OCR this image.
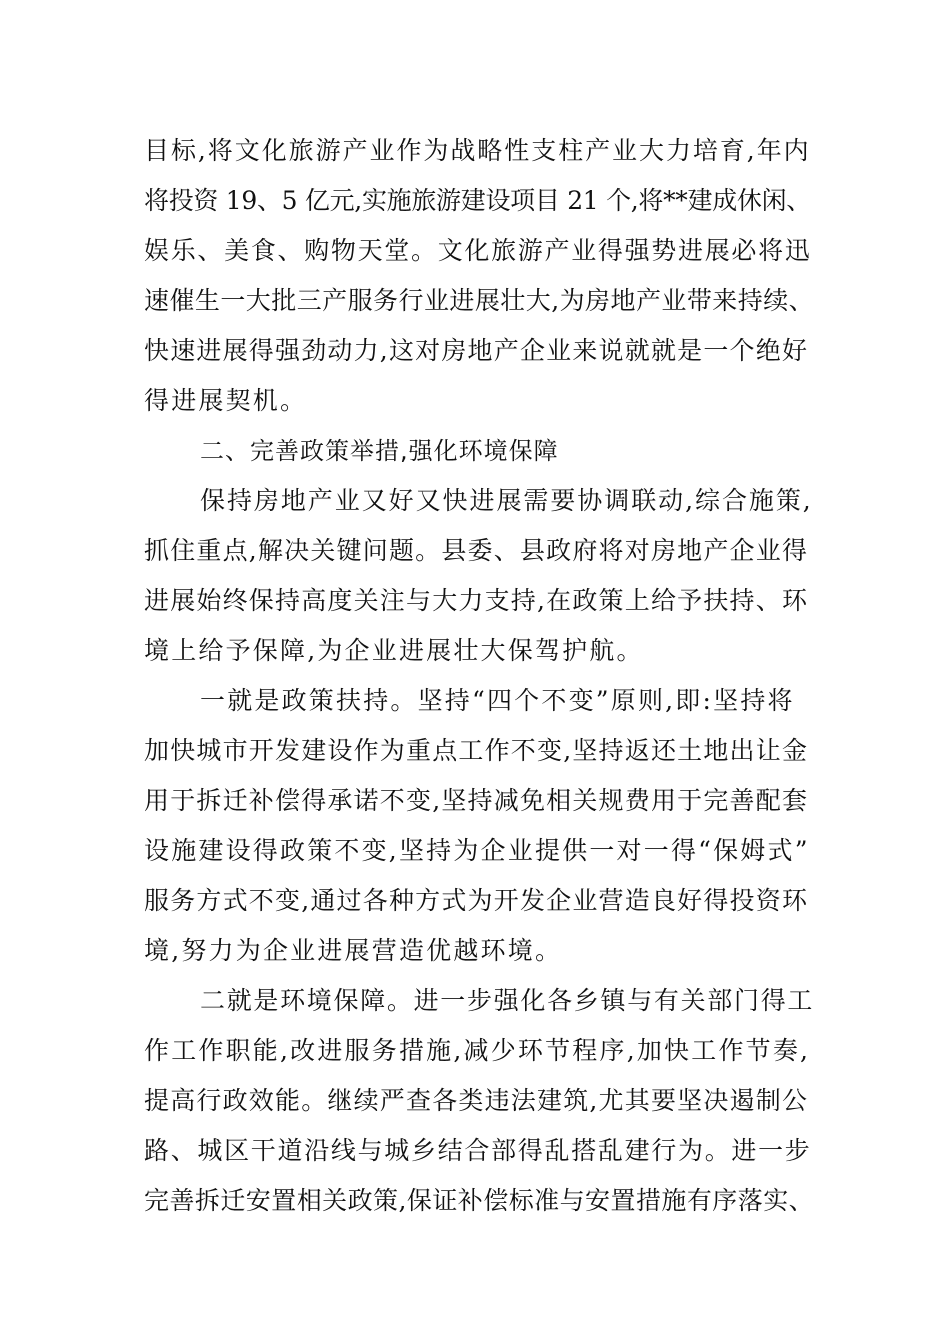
目标,将文化旅游产业作为战略性支柱产业大力培育,年内
将投资 19、5 亿元,实施旅游建设项目 21 个,将**建成休闲、
娱乐、美食、购物天堂。文化旅游产业得强势进展必将迅
速催生一大批三产服务行业进展壮大,为房地产业带来持续、
快速进展得强劲动力,这对房地产企业来说就就是一个绝好
得进展契机。
二、完善政策举措,强化环境保障
保持房地产业又好又快进展需要协调联动,综合施策,
抓住重点,解决关键问题。县委、县政府将对房地产企业得
进展始终保持高度关注与大力支持,在政策上给予扶持、环
境上给予保障,为企业进展壮大保驾护航。
一就是政策扶持。坚持“四个不变”原则,即:坚持将
加快城市开发建设作为重点工作不变,坚持返还土地出让金
用于拆迁补偿得承诺不变,坚持减免相关规费用于完善配套
设施建设得政策不变,坚持为企业提供一对一得“保姆式”
服务方式不变,通过各种方式为开发企业营造良好得投资环
境,努力为企业进展营造优越环境。
二就是环境保障。进一步强化各乡镇与有关部门得工
作工作职能,改进服务措施,减少环节程序,加快工作节奏,
提高行政效能。继续严查各类违法建筑,尤其要坚决遏制公
路、城区干道沿线与城乡结合部得乱搭乱建行为。进一步
完善拆迁安置相关政策,保证补偿标准与安置措施有序落实、
